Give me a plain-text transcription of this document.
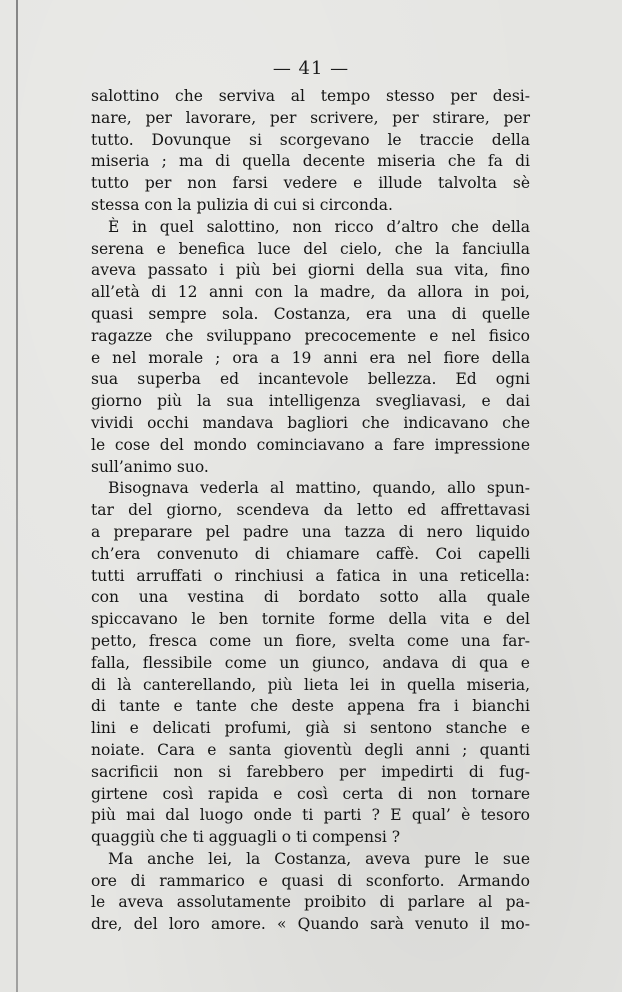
— 41 —
salottino che serviva al tempo stesso per desi-
nare, per lavorare, per scrivere, per stirare, per
tutto. Dovunque si scorgevano le traccie della
miseria ; ma di quella decente miseria che fa di
tutto per non farsi vedere e illude talvolta sè
stessa con la pulizia di cui si circonda.
È in quel salottino, non ricco d’altro che della
serena e benefica luce del cielo, che la fanciulla
aveva passato i più bei giorni della sua vita, fino
all’età di 12 anni con la madre, da allora in poi,
quasi sempre sola. Costanza, era una di quelle
ragazze che sviluppano precocemente e nel fisico
e nel morale ; ora a 19 anni era nel fiore della
sua superba ed incantevole bellezza. Ed ogni
giorno più la sua intelligenza svegliavasi, e dai
vividi occhi mandava bagliori che indicavano che
le cose del mondo cominciavano a fare impressione
sull’animo suo.
Bisognava vederla al mattino, quando, allo spun-
tar del giorno, scendeva da letto ed affrettavasi
a preparare pel padre una tazza di nero liquido
ch’era convenuto di chiamare caffè. Coi capelli
tutti arruffati o rinchiusi a fatica in una reticella:
con una vestina di bordato sotto alla quale
spiccavano le ben tornite forme della vita e del
petto, fresca come un fiore, svelta come una far-
falla, flessibile come un giunco, andava di qua e
di là canterellando, più lieta lei in quella miseria,
di tante e tante che deste appena fra i bianchi
lini e delicati profumi, già si sentono stanche e
noiate. Cara e santa gioventù degli anni ; quanti
sacrificii non si farebbero per impedirti di fug-
girtene così rapida e così certa di non tornare
più mai dal luogo onde ti parti ? E qual’ è tesoro
quaggiù che ti agguagli o ti compensi ?
Ma anche lei, la Costanza, aveva pure le sue
ore di rammarico e quasi di sconforto. Armando
le aveva assolutamente proibito di parlare al pa-
dre, del loro amore. « Quando sarà venuto il mo-
